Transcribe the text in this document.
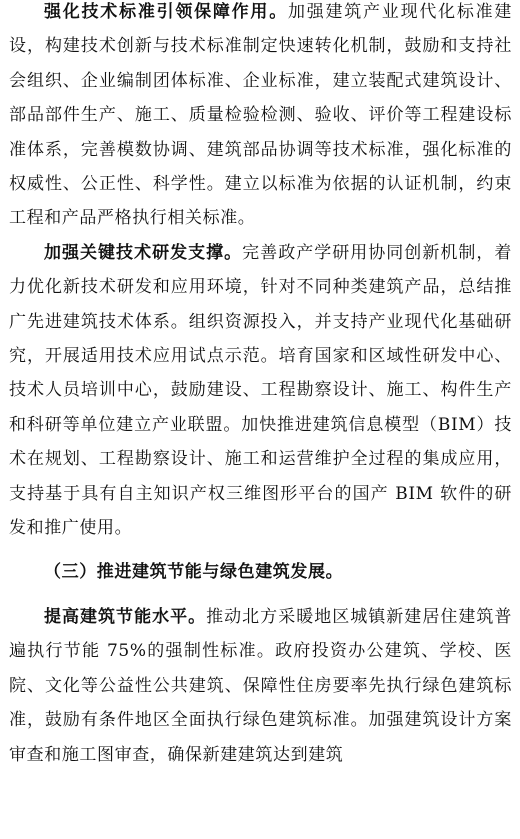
强化技术标准引领保障作用。加强建筑产业现代化标准建设，构建技术创新与技术标准制定快速转化机制，鼓励和支持社会组织、企业编制团体标准、企业标准，建立装配式建筑设计、部品部件生产、施工、质量检验检测、验收、评价等工程建设标准体系，完善模数协调、建筑部品协调等技术标准，强化标准的权威性、公正性、科学性。建立以标准为依据的认证机制，约束工程和产品严格执行相关标准。

加强关键技术研发支撑。完善政产学研用协同创新机制，着力优化新技术研发和应用环境，针对不同种类建筑产品，总结推广先进建筑技术体系。组织资源投入，并支持产业现代化基础研究，开展适用技术应用试点示范。培育国家和区域性研发中心、技术人员培训中心，鼓励建设、工程勘察设计、施工、构件生产和科研等单位建立产业联盟。加快推进建筑信息模型（BIM）技术在规划、工程勘察设计、施工和运营维护全过程的集成应用，支持基于具有自主知识产权三维图形平台的国产 BIM 软件的研发和推广使用。

（三）推进建筑节能与绿色建筑发展。

提高建筑节能水平。推动北方采暖地区城镇新建居住建筑普遍执行节能 75%的强制性标准。政府投资办公建筑、学校、医院、文化等公益性公共建筑、保障性住房要率先执行绿色建筑标准，鼓励有条件地区全面执行绿色建筑标准。加强建筑设计方案审查和施工图审查，确保新建建筑达到建筑
